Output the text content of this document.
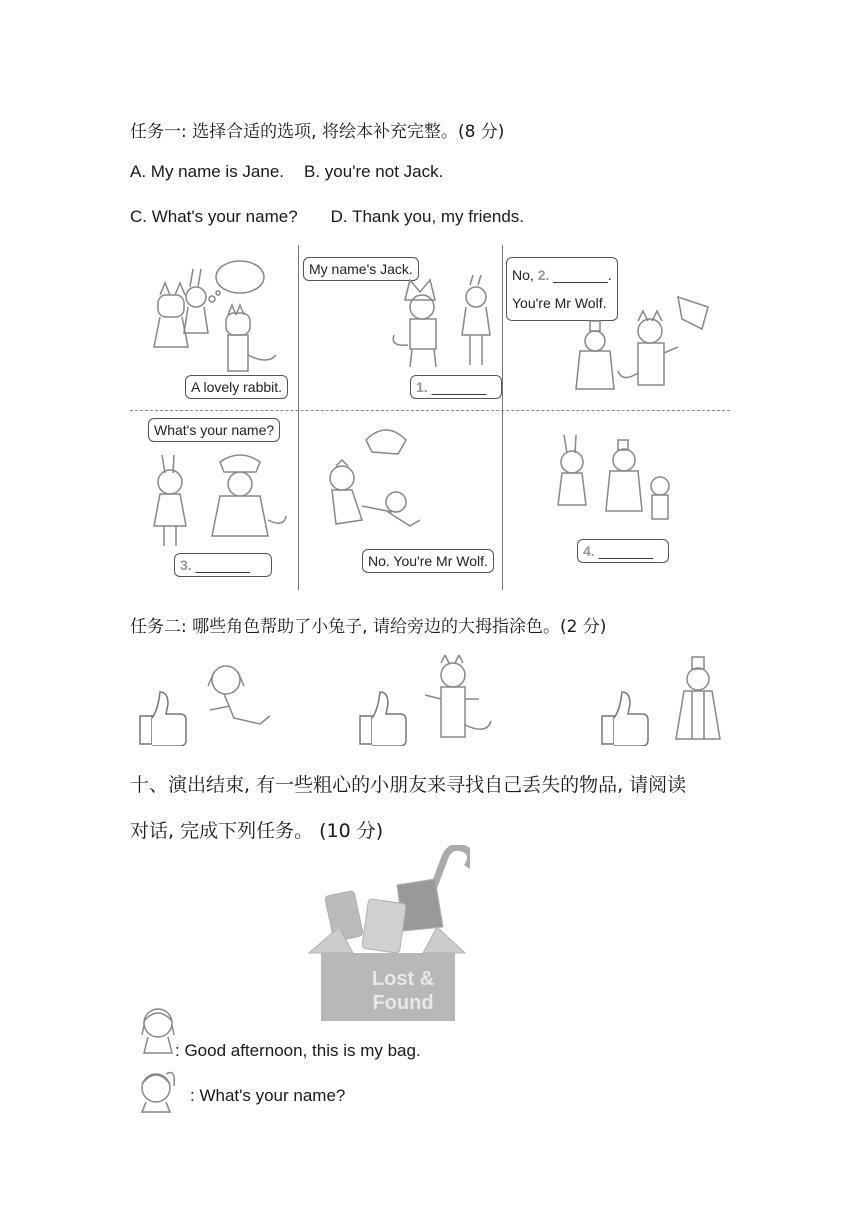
任务一: 选择合适的选项, 将绘本补充完整。(8 分)
A. My name is Jane. B. you're not Jack.
C. What's your name? D. Thank you, my friends.
A lovely rabbit.
My name's Jack.
1. _______
No, 2. _______.
You're Mr Wolf.
What's your name?
3. _______	No. You're Mr Wolf.
4. _______
任务二: 哪些角色帮助了小兔子, 请给旁边的大拇指涂色。(2 分)
十、演出结束, 有一些粗心的小朋友来寻找自己丢失的物品, 请阅读
对话, 完成下列任务。 (10 分)
Lost &
Found
: Good afternoon, this is my bag.
: What's your name?
